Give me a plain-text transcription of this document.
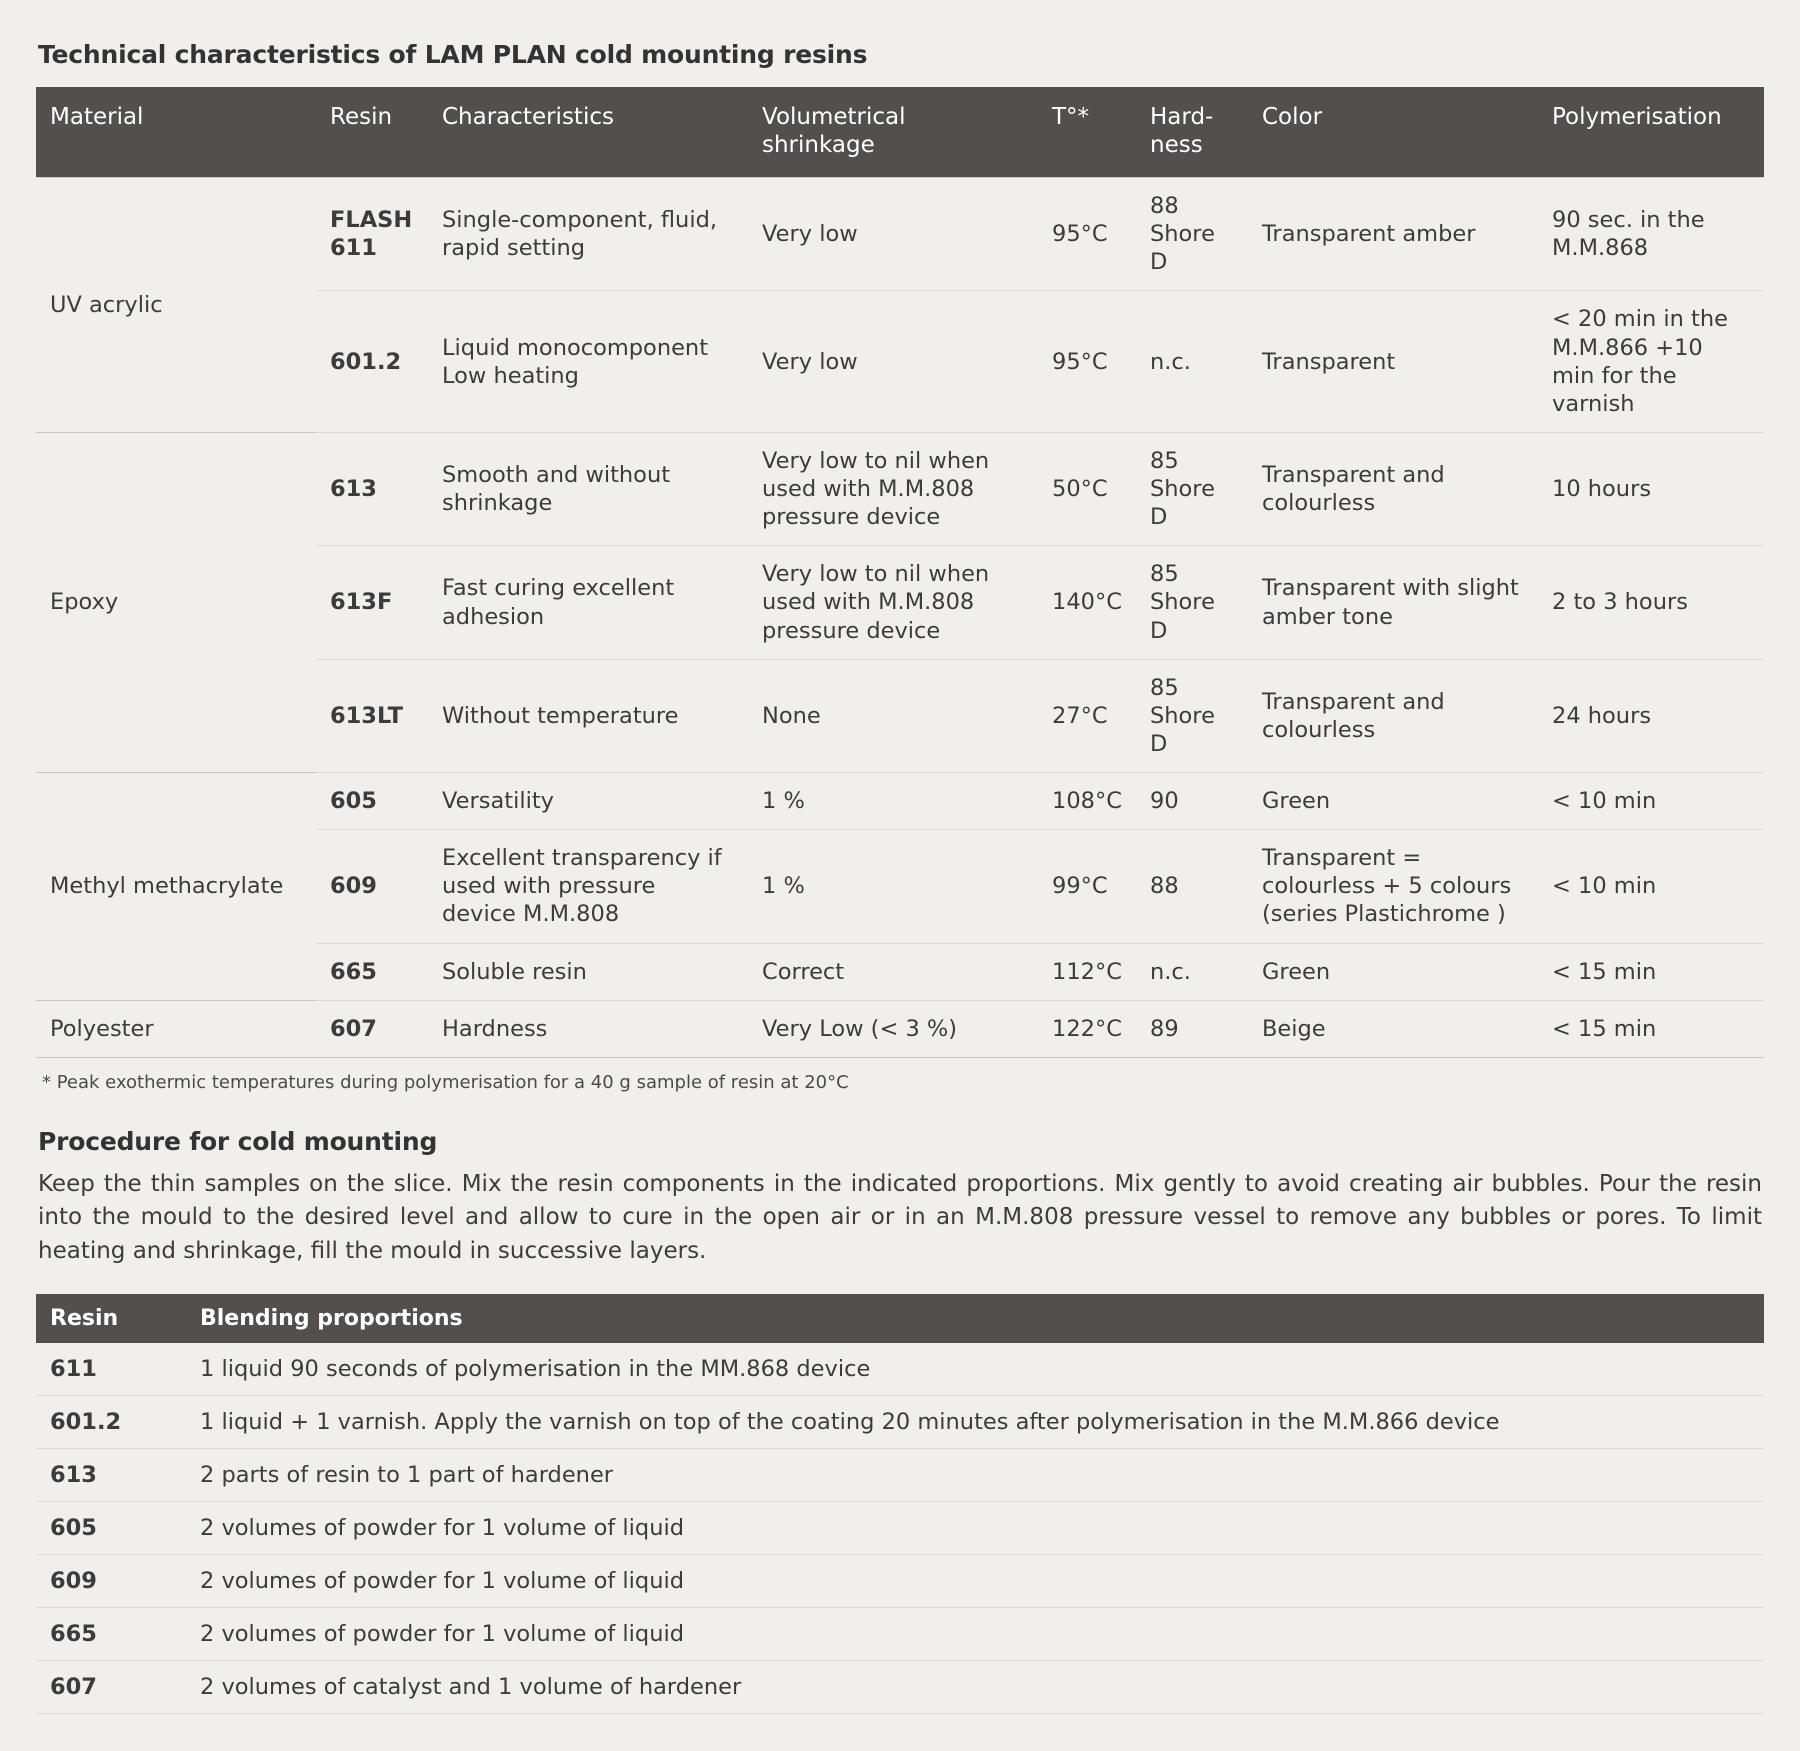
Technical characteristics of LAM PLAN cold mounting resins
Material	Resin	Characteristics	Volumetrical shrinkage	T°*	Hard-ness	Color	Polymerisation
UV acrylic	FLASH 611	Single-component, fluid, rapid setting	Very low	95°C	88 Shore D	Transparent amber	90 sec. in the M.M.868
	601.2	Liquid monocomponent Low heating	Very low	95°C	n.c.	Transparent	< 20 min in the M.M.866 +10 min for the varnish
Epoxy	613	Smooth and without shrinkage	Very low to nil when used with M.M.808 pressure device	50°C	85 Shore D	Transparent and colourless	10 hours
	613F	Fast curing excellent adhesion	Very low to nil when used with M.M.808 pressure device	140°C	85 Shore D	Transparent with slight amber tone	2 to 3 hours
	613LT	Without temperature	None	27°C	85 Shore D	Transparent and colourless	24 hours
Methyl methacrylate	605	Versatility	1 %	108°C	90	Green	< 10 min
	609	Excellent transparency if used with pressure device M.M.808	1 %	99°C	88	Transparent = colourless + 5 colours (series Plastichrome )	< 10 min
	665	Soluble resin	Correct	112°C	n.c.	Green	< 15 min
Polyester	607	Hardness	Very Low (< 3 %)	122°C	89	Beige	< 15 min
* Peak exothermic temperatures during polymerisation for a 40 g sample of resin at 20°C
Procedure for cold mounting

Keep the thin samples on the slice. Mix the resin components in the indicated proportions. Mix gently to avoid creating air bubbles. Pour the resin into the mould to the desired level and allow to cure in the open air or in an M.M.808 pressure vessel to remove any bubbles or pores. To limit heating and shrinkage, fill the mould in successive layers.

Resin	Blending proportions
611	1 liquid 90 seconds of polymerisation in the MM.868 device
601.2	1 liquid + 1 varnish. Apply the varnish on top of the coating 20 minutes after polymerisation in the M.M.866 device
613	2 parts of resin to 1 part of hardener
605	2 volumes of powder for 1 volume of liquid
609	2 volumes of powder for 1 volume of liquid
665	2 volumes of powder for 1 volume of liquid
607	2 volumes of catalyst and 1 volume of hardener
